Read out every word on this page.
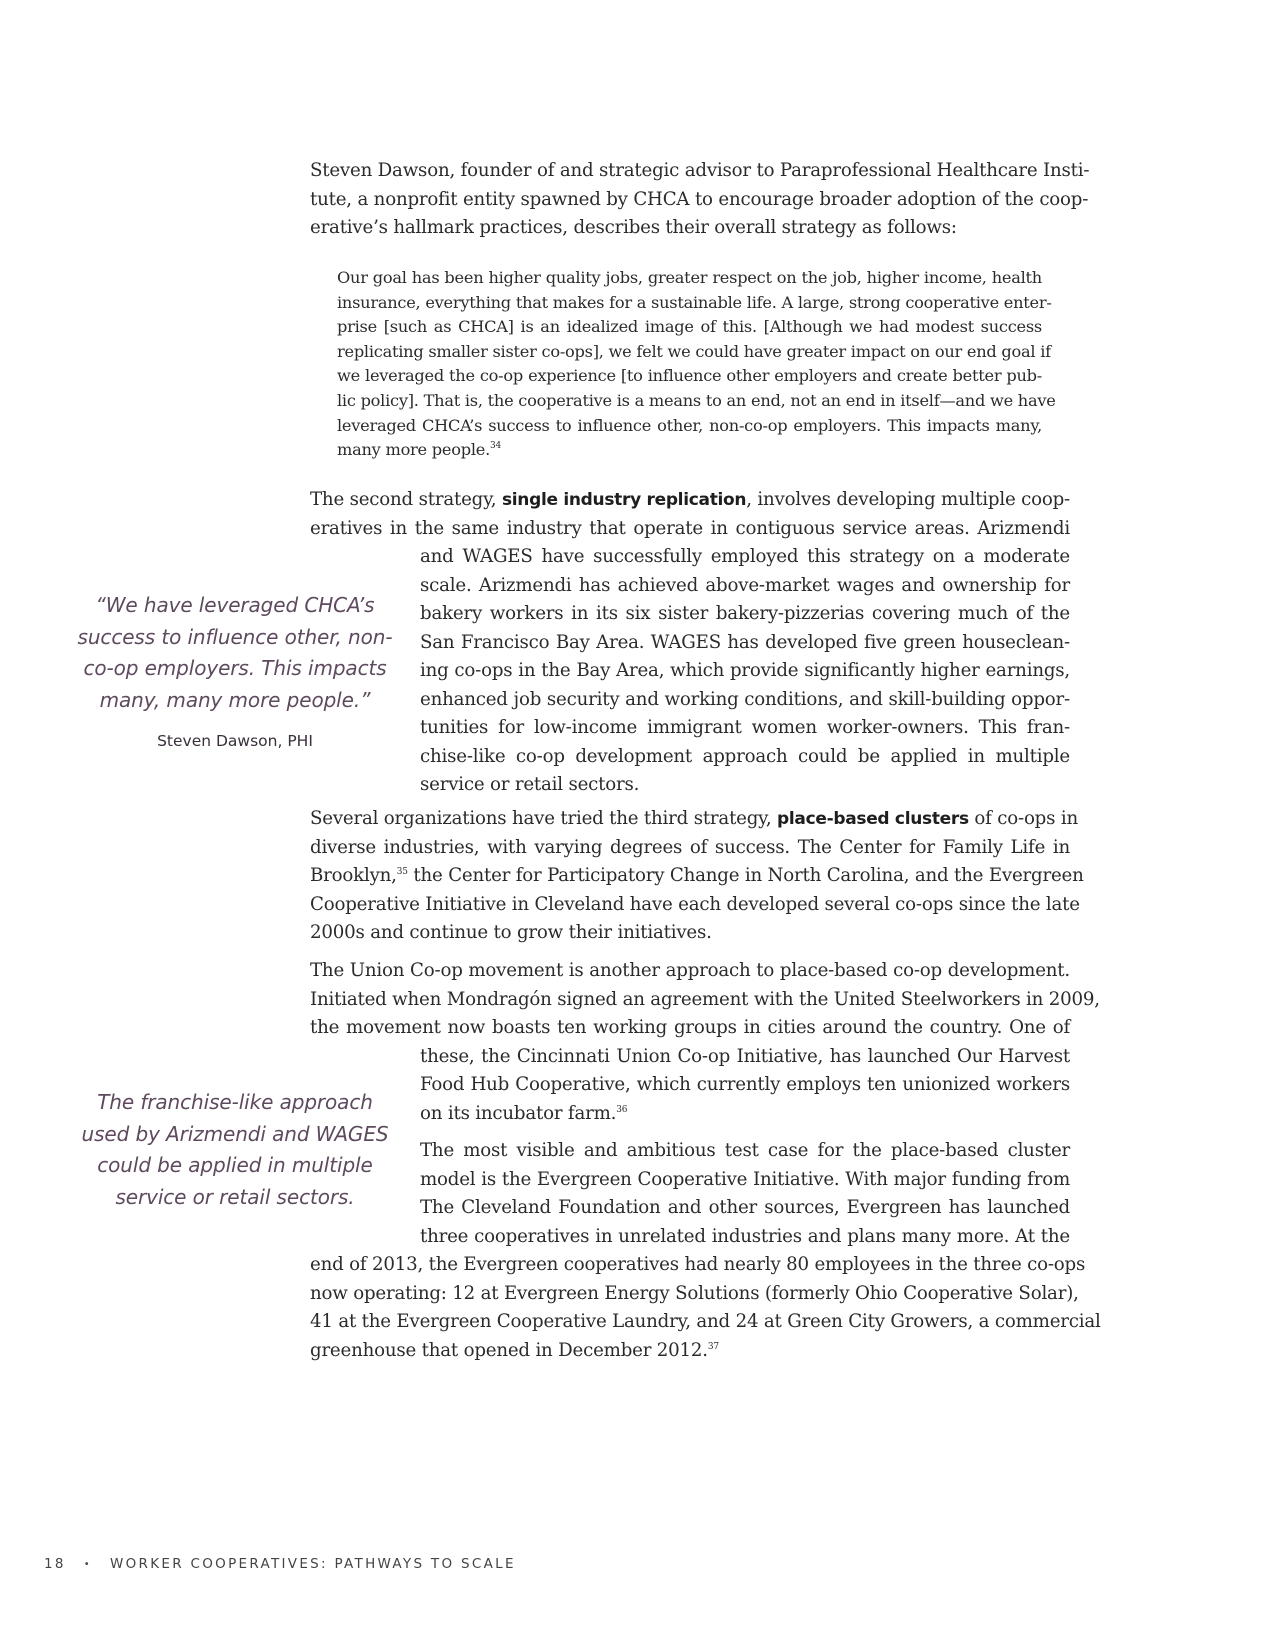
Steven Dawson, founder of and strategic advisor to Paraprofessional Healthcare Insti-
tute, a nonprofit entity spawned by CHCA to encourage broader adoption of the coop-
erative’s hallmark practices, describes their overall strategy as follows:
Our goal has been higher quality jobs, greater respect on the job, higher income, health
insurance, everything that makes for a sustainable life. A large, strong cooperative enter-
prise [such as CHCA] is an idealized image of this. [Although we had modest success
replicating smaller sister co-ops], we felt we could have greater impact on our end goal if
we leveraged the co-op experience [to influence other employers and create better pub-
lic policy]. That is, the cooperative is a means to an end, not an end in itself—and we have
leveraged CHCA’s success to influence other, non-co-op employers. This impacts many,
many more people.$^{34}$
The second strategy, single industry replication, involves developing multiple coop-
eratives in the same industry that operate in contiguous service areas. Arizmendi
and WAGES have successfully employed this strategy on a moderate
scale. Arizmendi has achieved above-market wages and ownership for
bakery workers in its six sister bakery-pizzerias covering much of the
San Francisco Bay Area. WAGES has developed five green houseclean-
ing co-ops in the Bay Area, which provide significantly higher earnings,
enhanced job security and working conditions, and skill-building oppor-
tunities for low-income immigrant women worker-owners. This fran-
chise-like co-op development approach could be applied in multiple
service or retail sectors.
“We have leveraged CHCA’s
success to influence other, non-
co-op employers. This impacts
many, many more people.”
Steven Dawson, PHI
Several organizations have tried the third strategy, place-based clusters of co-ops in
diverse industries, with varying degrees of success. The Center for Family Life in
Brooklyn,$^{35}$ the Center for Participatory Change in North Carolina, and the Evergreen
Cooperative Initiative in Cleveland have each developed several co-ops since the late
2000s and continue to grow their initiatives.
The Union Co-op movement is another approach to place-based co-op development.
Initiated when Mondragón signed an agreement with the United Steelworkers in 2009,
the movement now boasts ten working groups in cities around the country. One of
these, the Cincinnati Union Co-op Initiative, has launched Our Harvest
Food Hub Cooperative, which currently employs ten unionized workers
on its incubator farm.$^{36}$
The franchise-like approach
used by Arizmendi and WAGES
could be applied in multiple
service or retail sectors.
The most visible and ambitious test case for the place-based cluster
model is the Evergreen Cooperative Initiative. With major funding from
The Cleveland Foundation and other sources, Evergreen has launched
three cooperatives in unrelated industries and plans many more. At the
end of 2013, the Evergreen cooperatives had nearly 80 employees in the three co-ops
now operating: 12 at Evergreen Energy Solutions (formerly Ohio Cooperative Solar),
41 at the Evergreen Cooperative Laundry, and 24 at Green City Growers, a commercial
greenhouse that opened in December 2012.37
18 • WORKER COOPERATIVES: PATHWAYS TO SCALE
